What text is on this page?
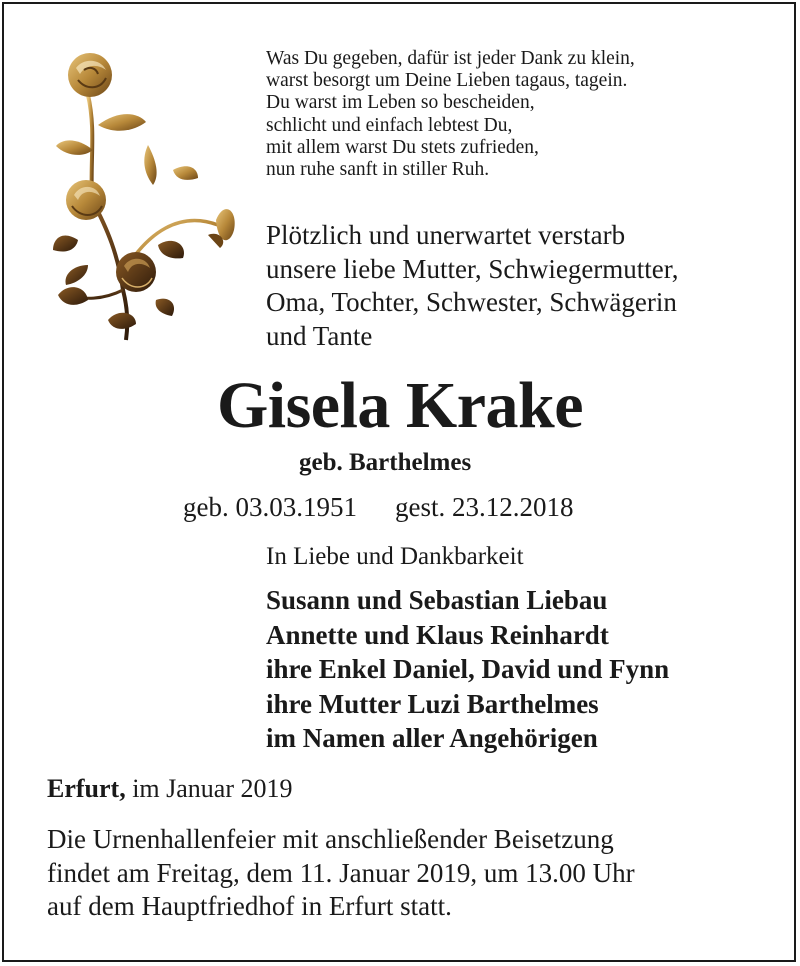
Was Du gegeben, dafür ist jeder Dank zu klein,
warst besorgt um Deine Lieben tagaus, tagein.
Du warst im Leben so bescheiden,
schlicht und einfach lebtest Du,
mit allem warst Du stets zufrieden,
nun ruhe sanft in stiller Ruh.
Plötzlich und unerwartet verstarb
unsere liebe Mutter, Schwiegermutter,
Oma, Tochter, Schwester, Schwägerin
und Tante
Gisela Krake
geb. Barthelmes
geb. 03.03.1951 gest. 23.12.2018
In Liebe und Dankbarkeit
Susann und Sebastian Liebau
Annette und Klaus Reinhardt
ihre Enkel Daniel, David und Fynn
ihre Mutter Luzi Barthelmes
im Namen aller Angehörigen
Erfurt, im Januar 2019
Die Urnenhallenfeier mit anschließender Beisetzung
findet am Freitag, dem 11. Januar 2019, um 13.00 Uhr
auf dem Hauptfriedhof in Erfurt statt.
